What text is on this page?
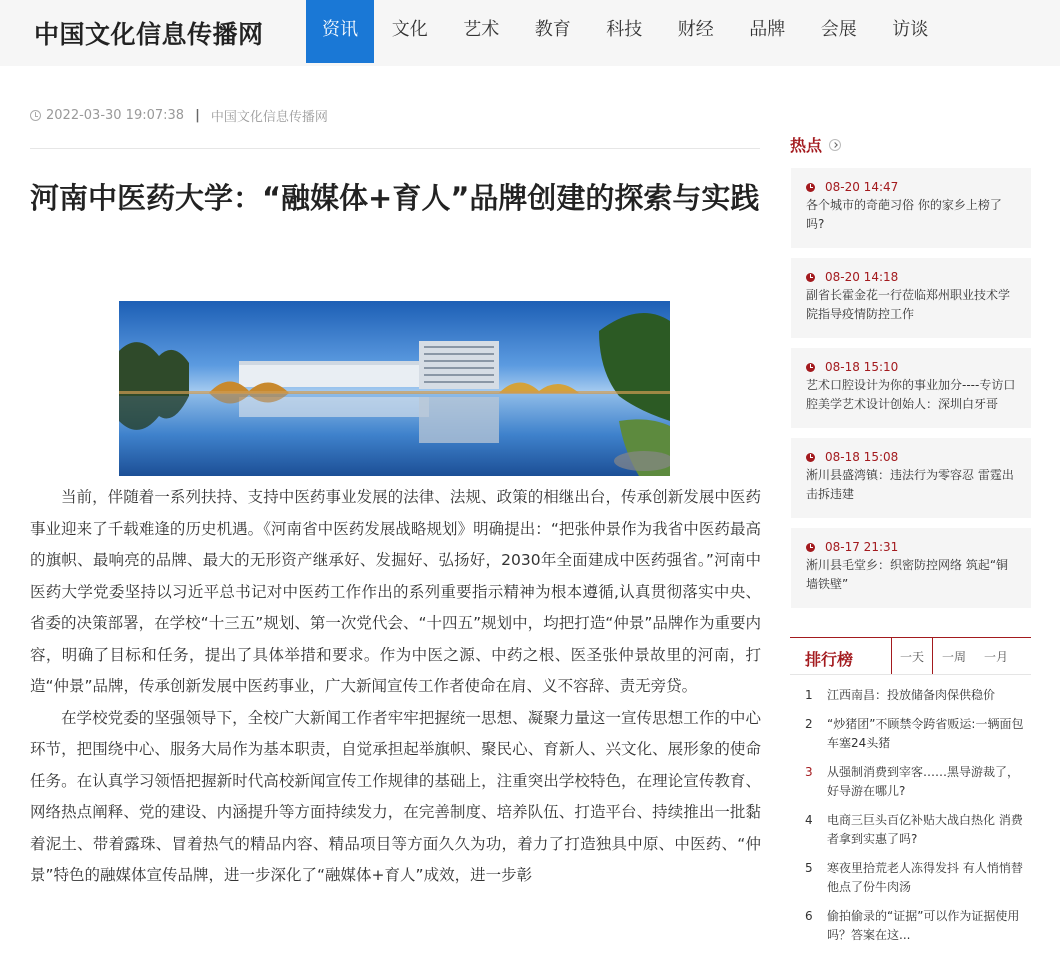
中国文化信息传播网	资讯	文化	艺术	教育	科技	财经	品牌	会展	访谈
2022-03-30 19:07:38 | 中国文化信息传播网
河南中医药大学：“融媒体+育人”品牌创建的探索与实践

当前，伴随着一系列扶持、支持中医药事业发展的法律、法规、政策的相继出台，传承创新发展中医药事业迎来了千载难逢的历史机遇。《河南省中医药发展战略规划》明确提出：“把张仲景作为我省中医药最高的旗帜、最响亮的品牌、最大的无形资产继承好、发掘好、弘扬好，2030年全面建成中医药强省。”河南中医药大学党委坚持以习近平总书记对中医药工作作出的系列重要指示精神为根本遵循,认真贯彻落实中央、省委的决策部署，在学校“十三五”规划、第一次党代会、“十四五”规划中，均把打造“仲景”品牌作为重要内容，明确了目标和任务，提出了具体举措和要求。作为中医之源、中药之根、医圣张仲景故里的河南，打造“仲景”品牌，传承创新发展中医药事业，广大新闻宣传工作者使命在肩、义不容辞、责无旁贷。

在学校党委的坚强领导下，全校广大新闻工作者牢牢把握统一思想、凝聚力量这一宣传思想工作的中心环节，把围绕中心、服务大局作为基本职责，自觉承担起举旗帜、聚民心、育新人、兴文化、展形象的使命任务。在认真学习领悟把握新时代高校新闻宣传工作规律的基础上，注重突出学校特色，在理论宣传教育、网络热点阐释、党的建设、内涵提升等方面持续发力，在完善制度、培养队伍、打造平台、持续推出一批黏着泥土、带着露珠、冒着热气的精品内容、精品项目等方面久久为功，着力了打造独具中原、中医药、“仲景”特色的融媒体宣传品牌，进一步深化了“融媒体+育人”成效，进一步彰

热点
08-20 14:47
各个城市的奇葩习俗 你的家乡上榜了吗?
08-20 14:18
副省长霍金花一行莅临郑州职业技术学院指导疫情防控工作
08-18 15:10
艺术口腔设计为你的事业加分----专访口腔美学艺术设计创始人：深圳白牙哥
08-18 15:08
淅川县盛湾镇：违法行为零容忍 雷霆出击拆违建
08-17 21:31
淅川县毛堂乡：织密防控网络 筑起“铜墙铁壁”
排行榜	一天	一周	一月
1	江西南昌：投放储备肉保供稳价
2	“炒猪团”不顾禁令跨省贩运:一辆面包车塞24头猪
3	从强制消费到宰客……黑导游裁了，好导游在哪儿?
4	电商三巨头百亿补贴大战白热化 消费者拿到实惠了吗?
5	寒夜里拾荒老人冻得发抖 有人悄悄替他点了份牛肉汤
6	偷拍偷录的“证据”可以作为证据使用吗？答案在这...
